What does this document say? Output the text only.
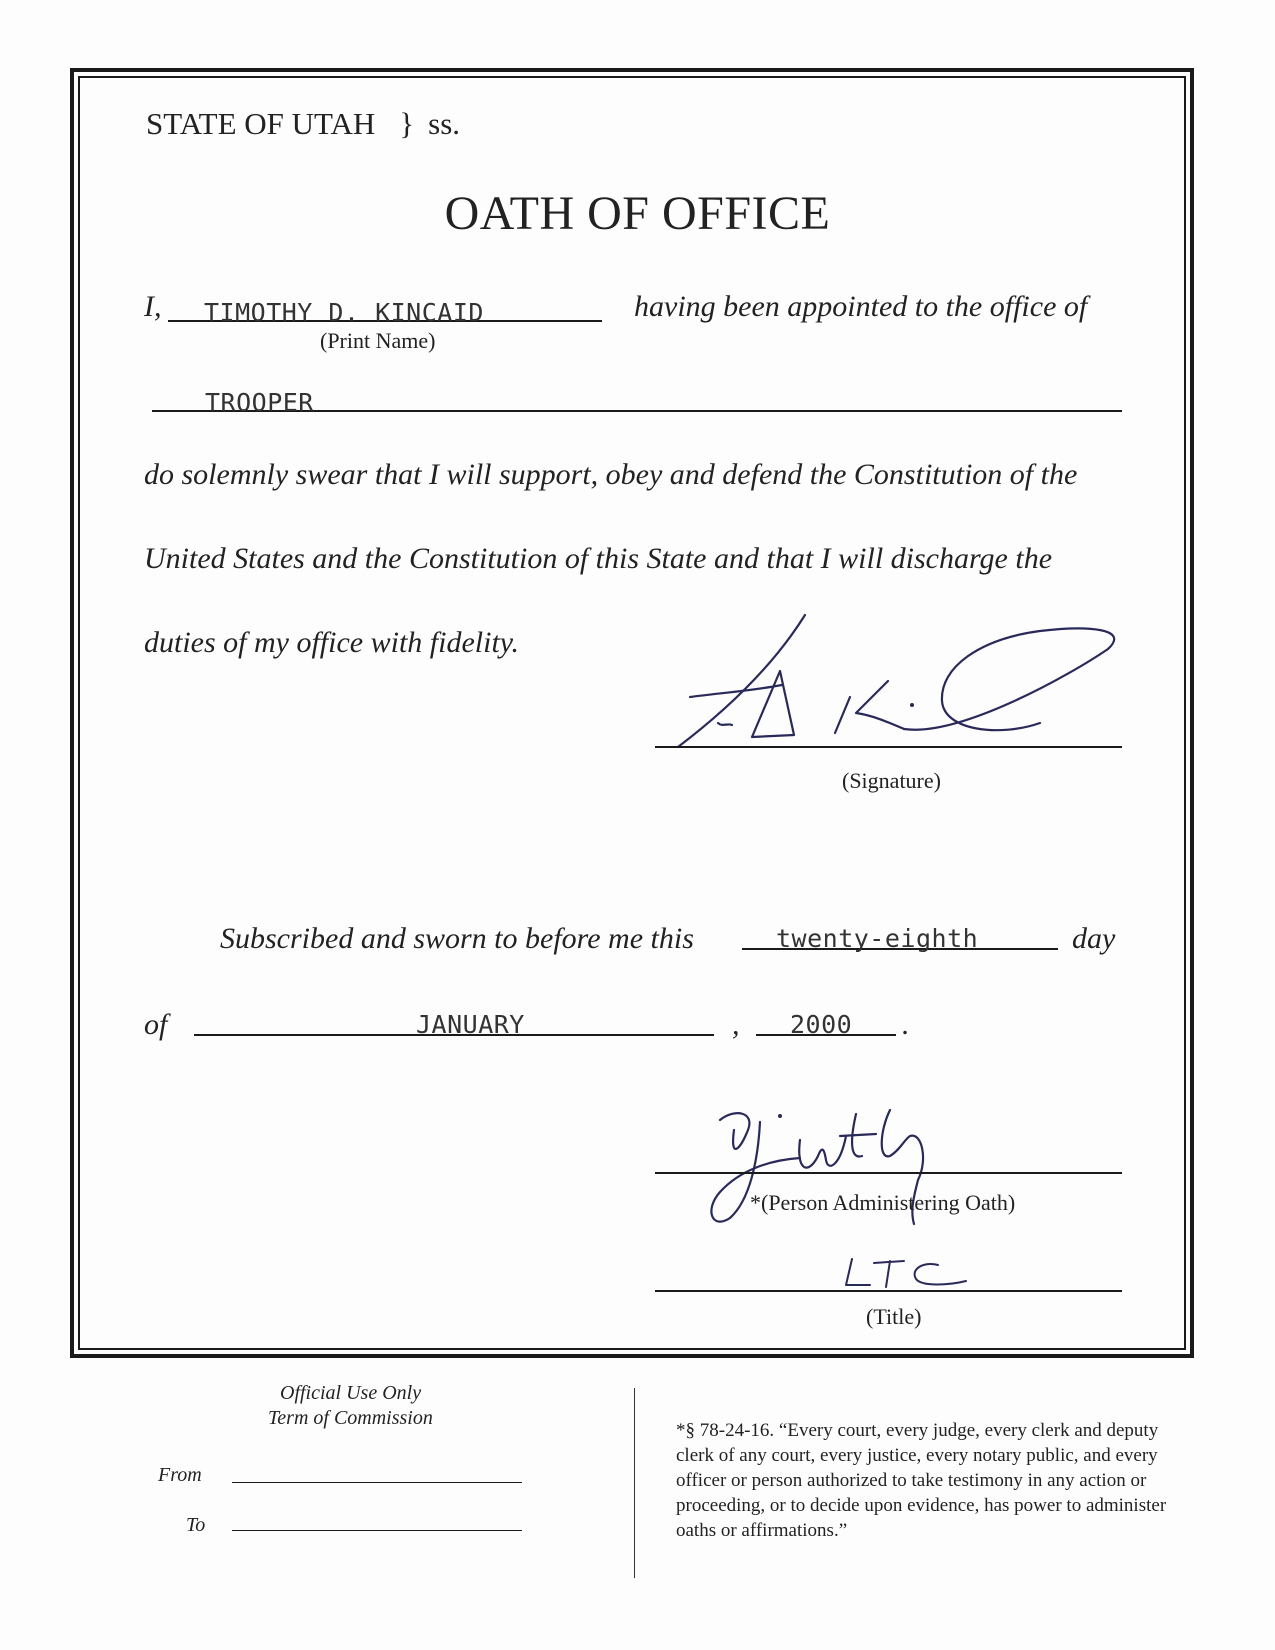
STATE OF UTAH } ss.
OATH OF OFFICE
I, TIMOTHY D. KINCAID
(Print Name)
having been appointed to the office of
TROOPER
do solemnly swear that I will support, obey and defend the Constitution of the
United States and the Constitution of this State and that I will discharge the
duties of my office with fidelity.
(Signature)
Subscribed and sworn to before me this	twenty-eighth	day
of	JANUARY	, 2000 .
*(Person Administering Oath)
(Title)
Official Use Only
Term of Commission
From
To
*§ 78-24-16. “Every court, every judge, every clerk and deputy clerk of any court, every justice, every notary public, and every officer or person authorized to take testimony in any action or proceeding, or to decide upon evidence, has power to administer oaths or affirmations.”
